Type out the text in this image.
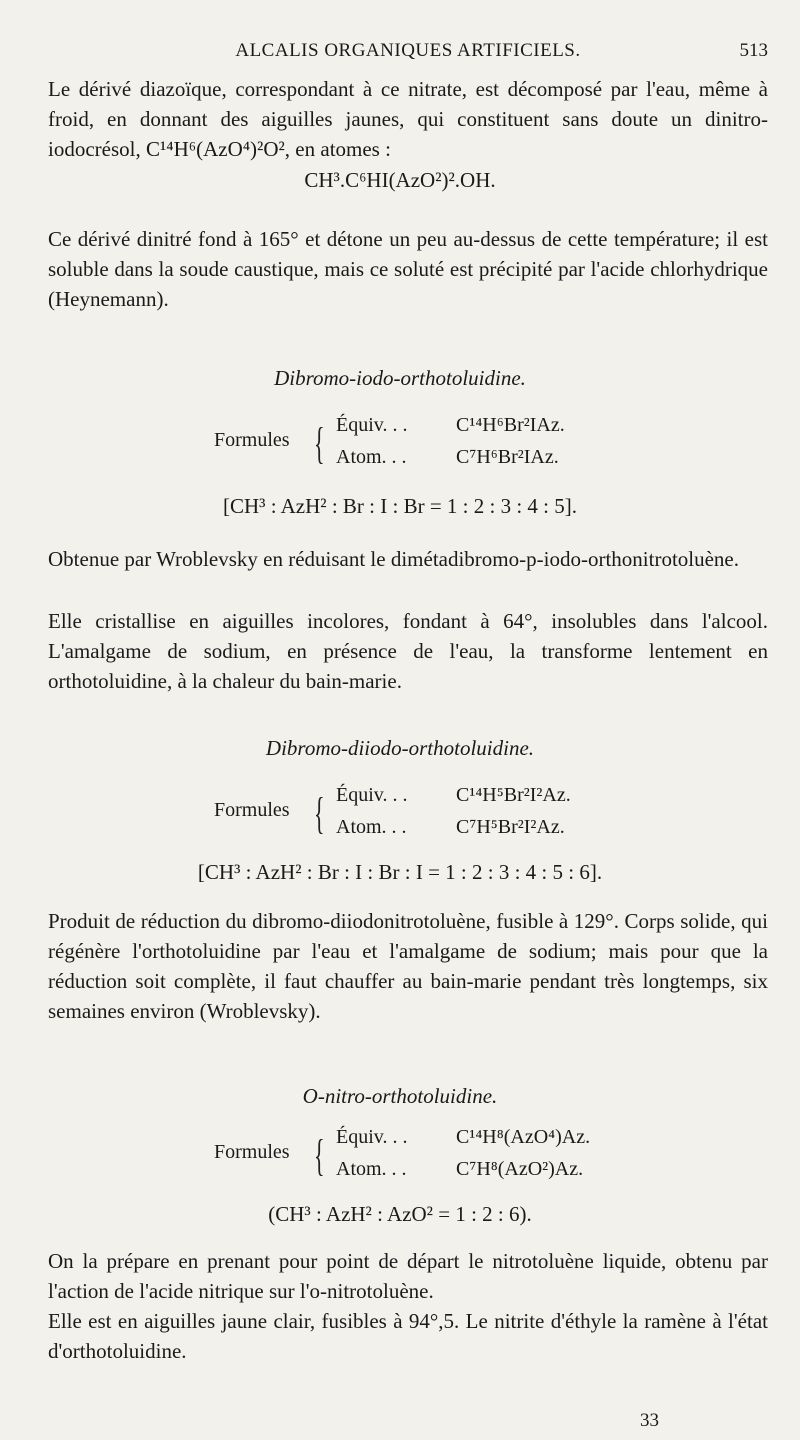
ALCALIS ORGANIQUES ARTIFICIELS.	513
Le dérivé diazoïque, correspondant à ce nitrate, est décomposé par l'eau, même à froid, en donnant des aiguilles jaunes, qui constituent sans doute un dinitro-iodocrésol, C¹⁴H⁶(AzO⁴)²O², en atomes :
CH³.C⁶HI(AzO²)².OH.
Ce dérivé dinitré fond à 165° et détone un peu au-dessus de cette température; il est soluble dans la soude caustique, mais ce soluté est précipité par l'acide chlorhydrique (Heynemann).
Dibromo-iodo-orthotoluidine.
Formules { Équiv. . . C¹⁴H⁶Br²IAz.
Atom. . . C⁷H⁶Br²IAz.
[CH³ : AzH² : Br : I : Br = 1 : 2 : 3 : 4 : 5].
Obtenue par Wroblevsky en réduisant le dimétadibromo-p-iodo-orthonitrotoluène.
Elle cristallise en aiguilles incolores, fondant à 64°, insolubles dans l'alcool. L'amalgame de sodium, en présence de l'eau, la transforme lentement en orthotoluidine, à la chaleur du bain-marie.
Dibromo-diiodo-orthotoluidine.
Formules { Équiv. . . C¹⁴H⁵Br²I²Az.
Atom. . . C⁷H⁵Br²I²Az.
[CH³ : AzH² : Br : I : Br : I = 1 : 2 : 3 : 4 : 5 : 6].
Produit de réduction du dibromo-diiodonitrotoluène, fusible à 129°. Corps solide, qui régénère l'orthotoluidine par l'eau et l'amalgame de sodium; mais pour que la réduction soit complète, il faut chauffer au bain-marie pendant très longtemps, six semaines environ (Wroblevsky).
O-nitro-orthotoluidine.
Formules { Équiv. . . C¹⁴H⁸(AzO⁴)Az.
Atom. . . C⁷H⁸(AzO²)Az.
(CH³ : AzH² : AzO² = 1 : 2 : 6).
On la prépare en prenant pour point de départ le nitrotoluène liquide, obtenu par l'action de l'acide nitrique sur l'o-nitrotoluène.
Elle est en aiguilles jaune clair, fusibles à 94°,5. Le nitrite d'éthyle la ramène à l'état d'orthotoluidine.
33
